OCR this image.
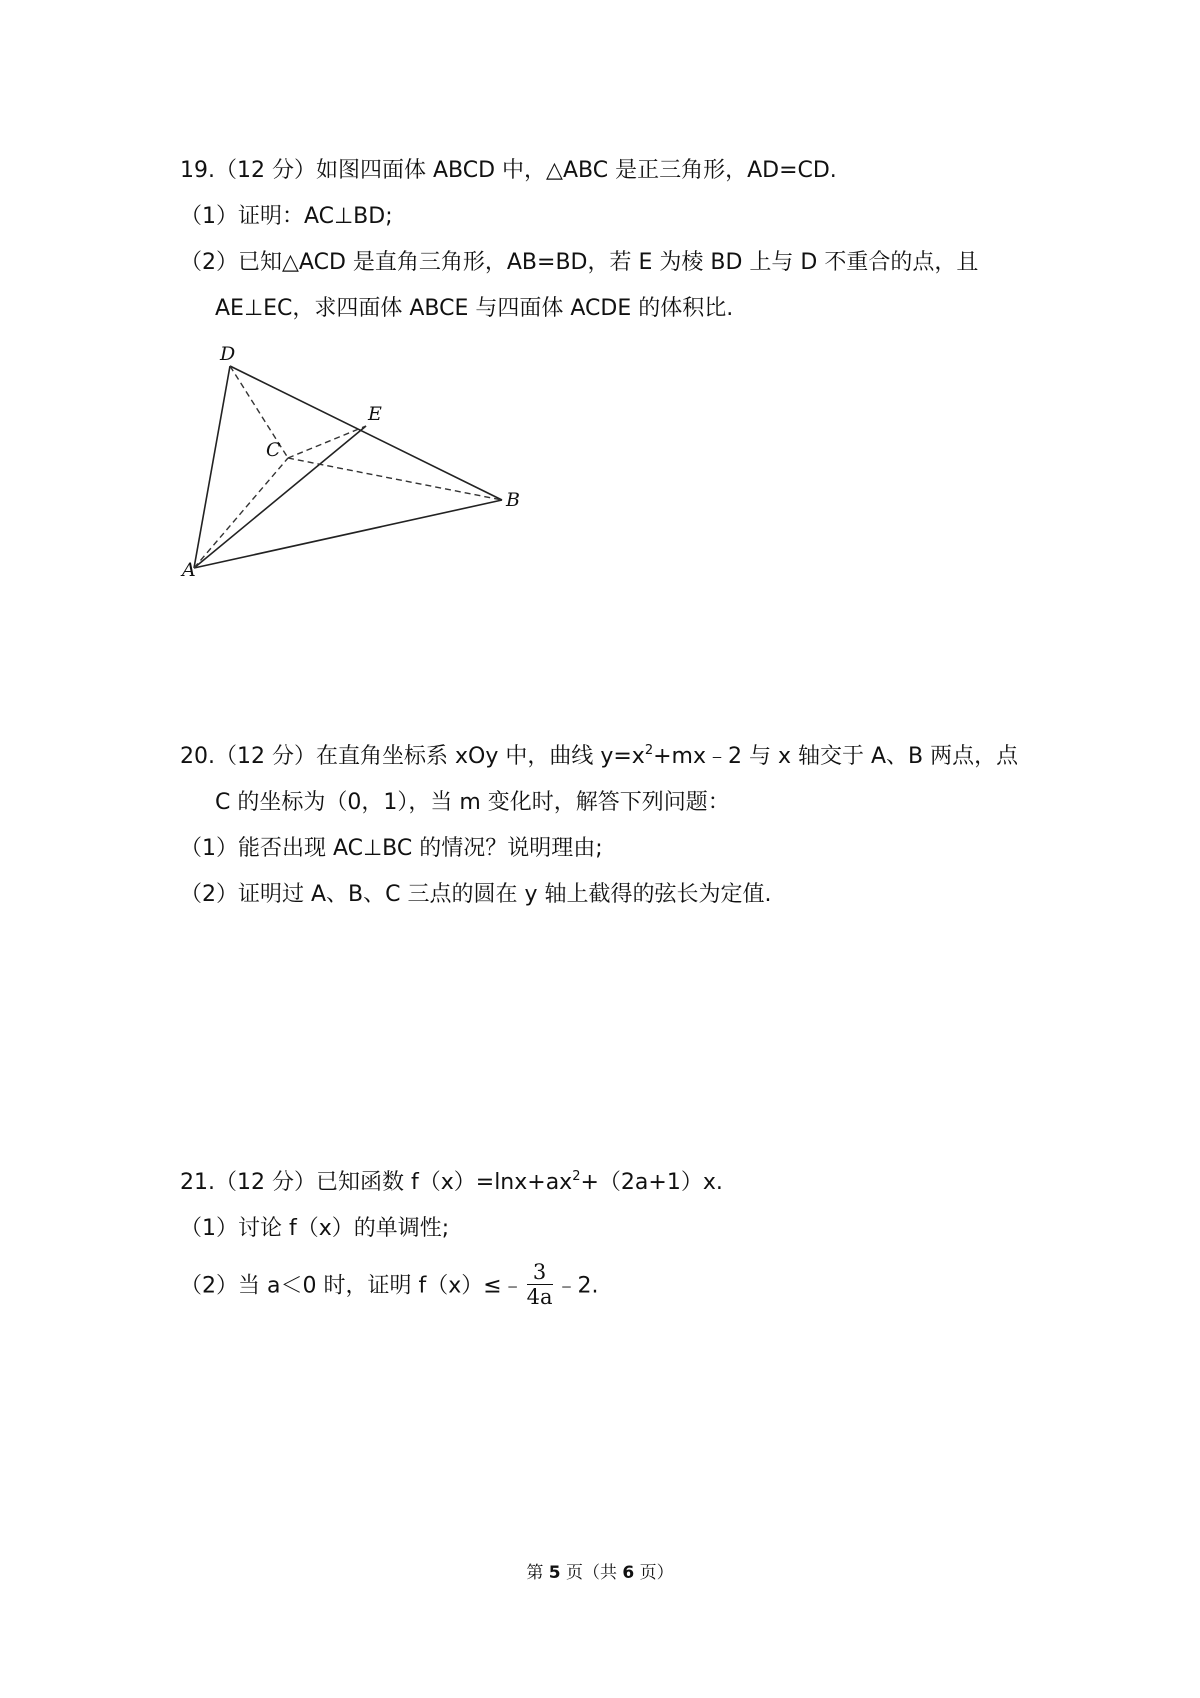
19.（12 分）如图四面体 ABCD 中，△ABC 是正三角形，AD=CD.
（1）证明：AC⊥BD;
（2）已知△ACD 是直角三角形，AB=BD，若 E 为棱 BD 上与 D 不重合的点，且
AE⊥EC，求四面体 ABCE 与四面体 ACDE 的体积比.
D
E
C
B
A
20.（12 分）在直角坐标系 xOy 中，曲线 $y=x^2+mx﹣2$ 与 x 轴交于 A、B 两点，点
C 的坐标为（0，1），当 m 变化时，解答下列问题：
（1）能否出现 AC⊥BC 的情况？说明理由;
（2）证明过 A、B、C 三点的圆在 y 轴上截得的弦长为定值.
21.（12 分）已知函数 $f(x)=\ln x+ax^2+(2a+1)x$.
（1）讨论 f（x）的单调性;
（2）当 a＜0 时，证明 f（x）≤﹣ $\frac{3}{4a}$ ﹣2.
第 5 页（共 6 页）
